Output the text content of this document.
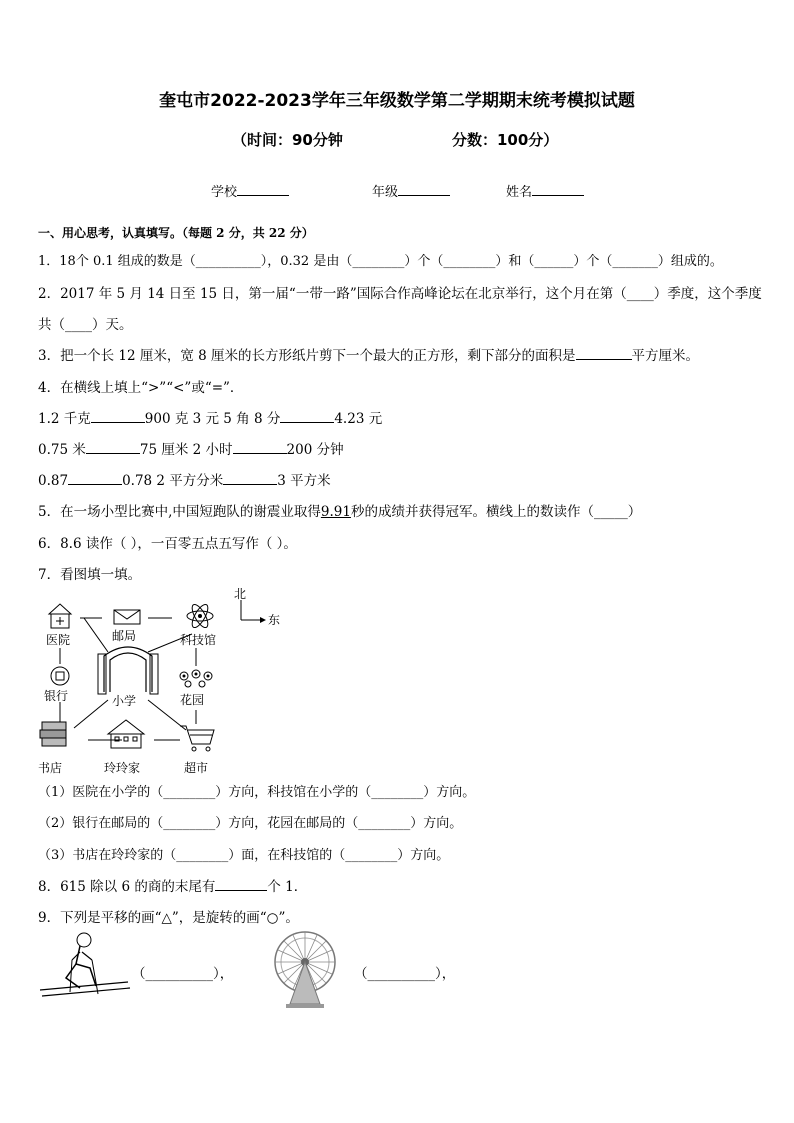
奎屯市2022-2023学年三年级数学第二学期期末统考模拟试题
（时间：90分钟	分数：100分）
学校	年级	姓名
一、用心思考，认真填写。（每题 2 分，共 22 分）
1．18个 0.1 组成的数是（__________），0.32 是由（________）个（________）和（______）个（_______）组成的。
2．2017 年 5 月 14 日至 15 日，第一届“一带一路”国际合作高峰论坛在北京举行，这个月在第（____）季度，这个季度
共（____）天。
3．把一个长 12 厘米，宽 8 厘米的长方形纸片剪下一个最大的正方形，剩下部分的面积是	平方厘米。
4．在横线上填上“>”“<”或“=”．
1.2 千克	900 克 3 元 5 角 8 分	4.23 元
0.75 米	75 厘米 2 小时	200 分钟
0.87	0.78 2 平方分米	3 平方米
5．在一场小型比赛中,中国短跑队的谢震业取得9.91秒的成绩并获得冠军。横线上的数读作（_____）
6．8.6 读作（ ），一百零五点五写作（ ）。
7．看图填一填。
北
东
医院	邮局	科技馆
小学
银行	花园
书店	玲玲家	超市
（1）医院在小学的（________）方向，科技馆在小学的（________）方向。
（2）银行在邮局的（________）方向，花园在邮局的（________）方向。
（3）书店在玲玲家的（________）面，在科技馆的（________）方向。
8．615 除以 6 的商的末尾有	个 1．
9．下列是平移的画“△”，是旋转的画“○”。
（__________），	（__________），
